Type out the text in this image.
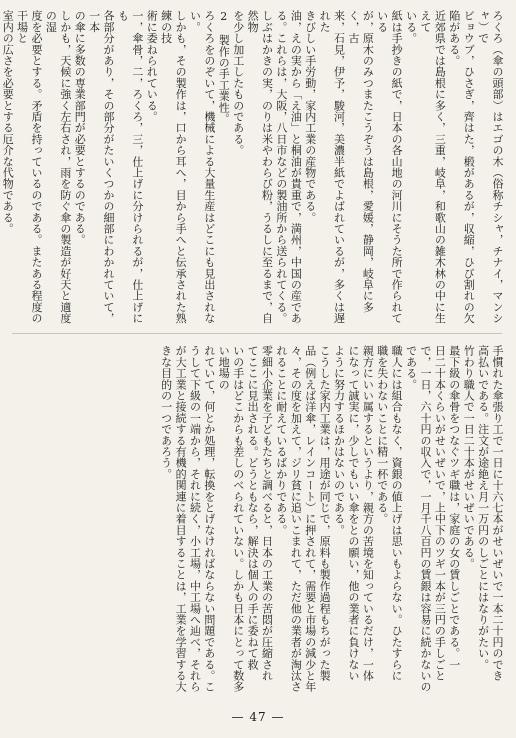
ろくろ（傘の頭部）はエゴの木（俗称チシャ，チナイ，マンシャ）で
ビョウブ，ひさぎ，齊はた，椴があるが，収縮，ひび割れの欠陥がある。
近郊県では島根に多く，三重，岐阜，和歌山の雑木林の中に生えて
いる。
紙は手抄きの紙で，日本の各山地の河川にそうた所で作られている
が，原木のみつまたこうぞうは島根，愛媛，静岡，岐阜に多く，古
来，石見，伊予，駿河，美濃半紙でよばれているが，多くは遅れた
きびしい手労動，家内工業の産物である。
油，えの実から「え油」と桐油が貴重で，満州，中国の産であ
る。これらは，大阪，八日市などの製油所から送られてくる。
しぶはかきの実，のりは米やわらび粉，うるしに至るまで，自然物
を少し加工したものである。
2　製作の手工業性。
ろくろをのぞいて，機械による大量生産はどこにも見出されない。
しかも，その製作は，口から耳へ，目から手へと伝承された熟練の技
術に委ねられている。
一，傘骨，二，ろくろ，三，仕上げに分けられるが，仕上げにも
各部分があり，その部分がたいくつかの細部にわかれていて，一本
の傘に多数の専業部門が必要とするのである。
しかも，天候に強く左右され，雨を防ぐ傘の製造が好天と適度の湿
度を必要とする。矛盾を持っているのである。またある程度の干場と
室内の広さを必要とする厄介な代物である。

手慣れた傘張り工で一日に十六七本がせいぜいで一本二十円のでき
高払いである。注文が途絶え月一万円のしごとにはなりがたい。
竹わり職人で一日二十本がせいぜいである。
最下級の傘骨をつなぐツギ職は，家庭の女の賃しごとである。一
日二十本くらいがせいぜいで，上中下のツギ一本が三円の手しごと
で，一日，六十円の収入で，一月千八百円の賃銀は容易に続かないの
である。
職人には組合もなく，資銀の値上げは思いもよらない。ひたすらに
職を失わないことに精一杯である。
親方にいい属するというより，親方の苦境を知っているだけ，一体
になって誠実に，少しでもいい傘をとの願い，他の業者に負けない
ように努力するほかはないのである。
こうした家内工業は，用途が同じで，原料も製作過程もちがった製
品（例えば洋傘，レインコート）に押されて，需要と市場の減少と年
々，その度を加えて，ジリ貧に追いこまれて，ただ他の業者が淘汰さ
れることに耐えているばかりである。
零細小企業を子どもたちと調べると，日本の工業の苦悶が圧縮され
てここに見出される。どうともなら，解決は個人の手に委ねて救
いの手はどこからも差しのべられていない。しかも日本にとって数多い地場の
れていて，何とか処理，転換をとげなければならない問題である。こ
うして下級の一端から，それに続く，小工場，中工場へ辿べ，それら
が大工業と接続する有機的関連に着目することは，工業を学習する大
きな目的の一つであろう。
— 47 —
